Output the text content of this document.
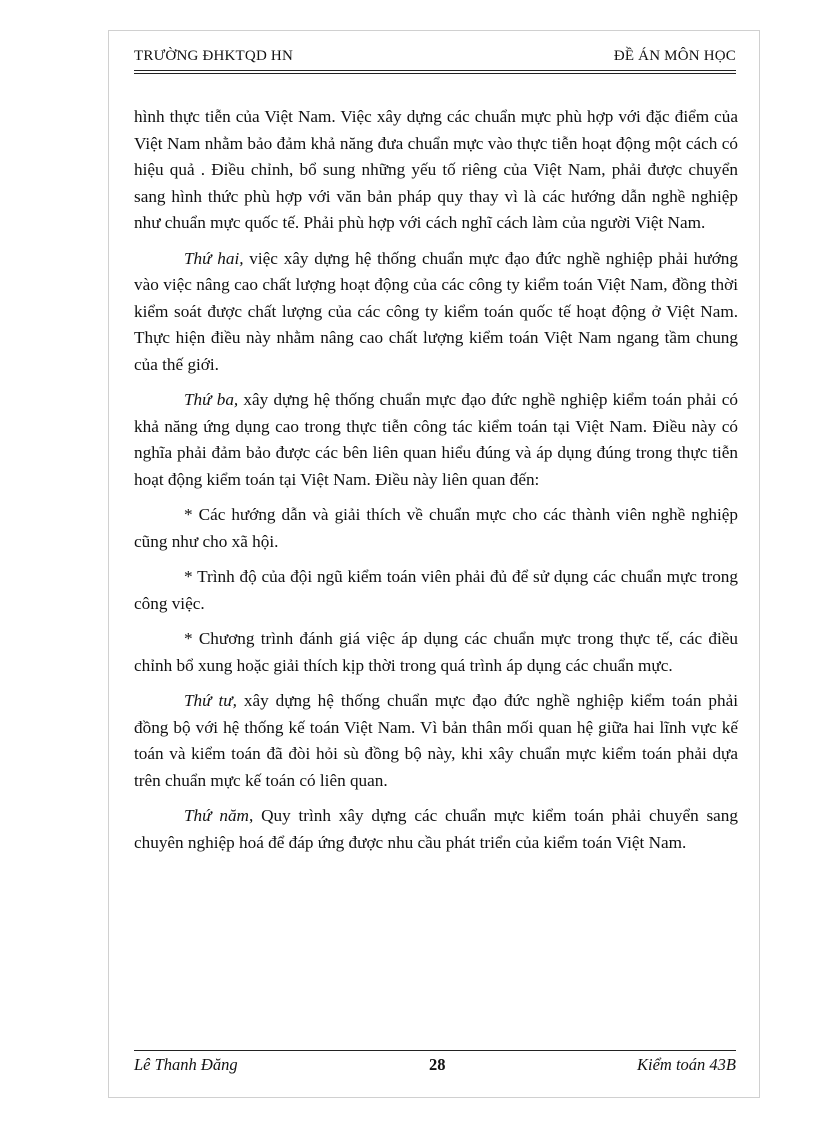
TRƯỜNG ĐHKTQD HN	ĐỀ ÁN MÔN HỌC

hình thực tiễn của Việt Nam. Việc xây dựng các chuẩn mực phù hợp với đặc điểm của Việt Nam nhằm bảo đảm khả năng đưa chuẩn mực vào thực tiễn hoạt động một cách có hiệu quả . Điều chỉnh, bổ sung những yếu tố riêng của Việt Nam, phải được chuyển sang hình thức phù hợp với văn bản pháp quy thay vì là các hướng dẫn nghề nghiệp như chuẩn mực quốc tế. Phải phù hợp với cách nghĩ cách làm của người Việt Nam.

Thứ hai, việc xây dựng hệ thống chuẩn mực đạo đức nghề nghiệp phải hướng vào việc nâng cao chất lượng hoạt động của các công ty kiểm toán Việt Nam, đồng thời kiểm soát được chất lượng của các công ty kiểm toán quốc tế hoạt động ở Việt Nam. Thực hiện điều này nhằm nâng cao chất lượng kiểm toán Việt Nam ngang tầm chung của thế giới.

Thứ ba, xây dựng hệ thống chuẩn mực đạo đức nghề nghiệp kiểm toán phải có khả năng ứng dụng cao trong thực tiễn công tác kiểm toán tại Việt Nam. Điều này có nghĩa phải đảm bảo được các bên liên quan hiểu đúng và áp dụng đúng trong thực tiễn hoạt động kiểm toán tại Việt Nam. Điều này liên quan đến:

* Các hướng dẫn và giải thích về chuẩn mực cho các thành viên nghề nghiệp cũng như cho xã hội.

* Trình độ của đội ngũ kiểm toán viên phải đủ để sử dụng các chuẩn mực trong công việc.

* Chương trình đánh giá việc áp dụng các chuẩn mực trong thực tế, các điều chỉnh bổ xung hoặc giải thích kịp thời trong quá trình áp dụng các chuẩn mực.

Thứ tư, xây dựng hệ thống chuẩn mực đạo đức nghề nghiệp kiểm toán phải đồng bộ với hệ thống kế toán Việt Nam. Vì bản thân mối quan hệ giữa hai lĩnh vực kế toán và kiểm toán đã đòi hỏi sù đồng bộ này, khi xây chuẩn mực kiểm toán phải dựa trên chuẩn mực kế toán có liên quan.

Thứ năm, Quy trình xây dựng các chuẩn mực kiểm toán phải chuyển sang chuyên nghiệp hoá để đáp ứng được nhu cầu phát triển của kiểm toán Việt Nam.

Lê Thanh Đăng	28	Kiểm toán 43B
